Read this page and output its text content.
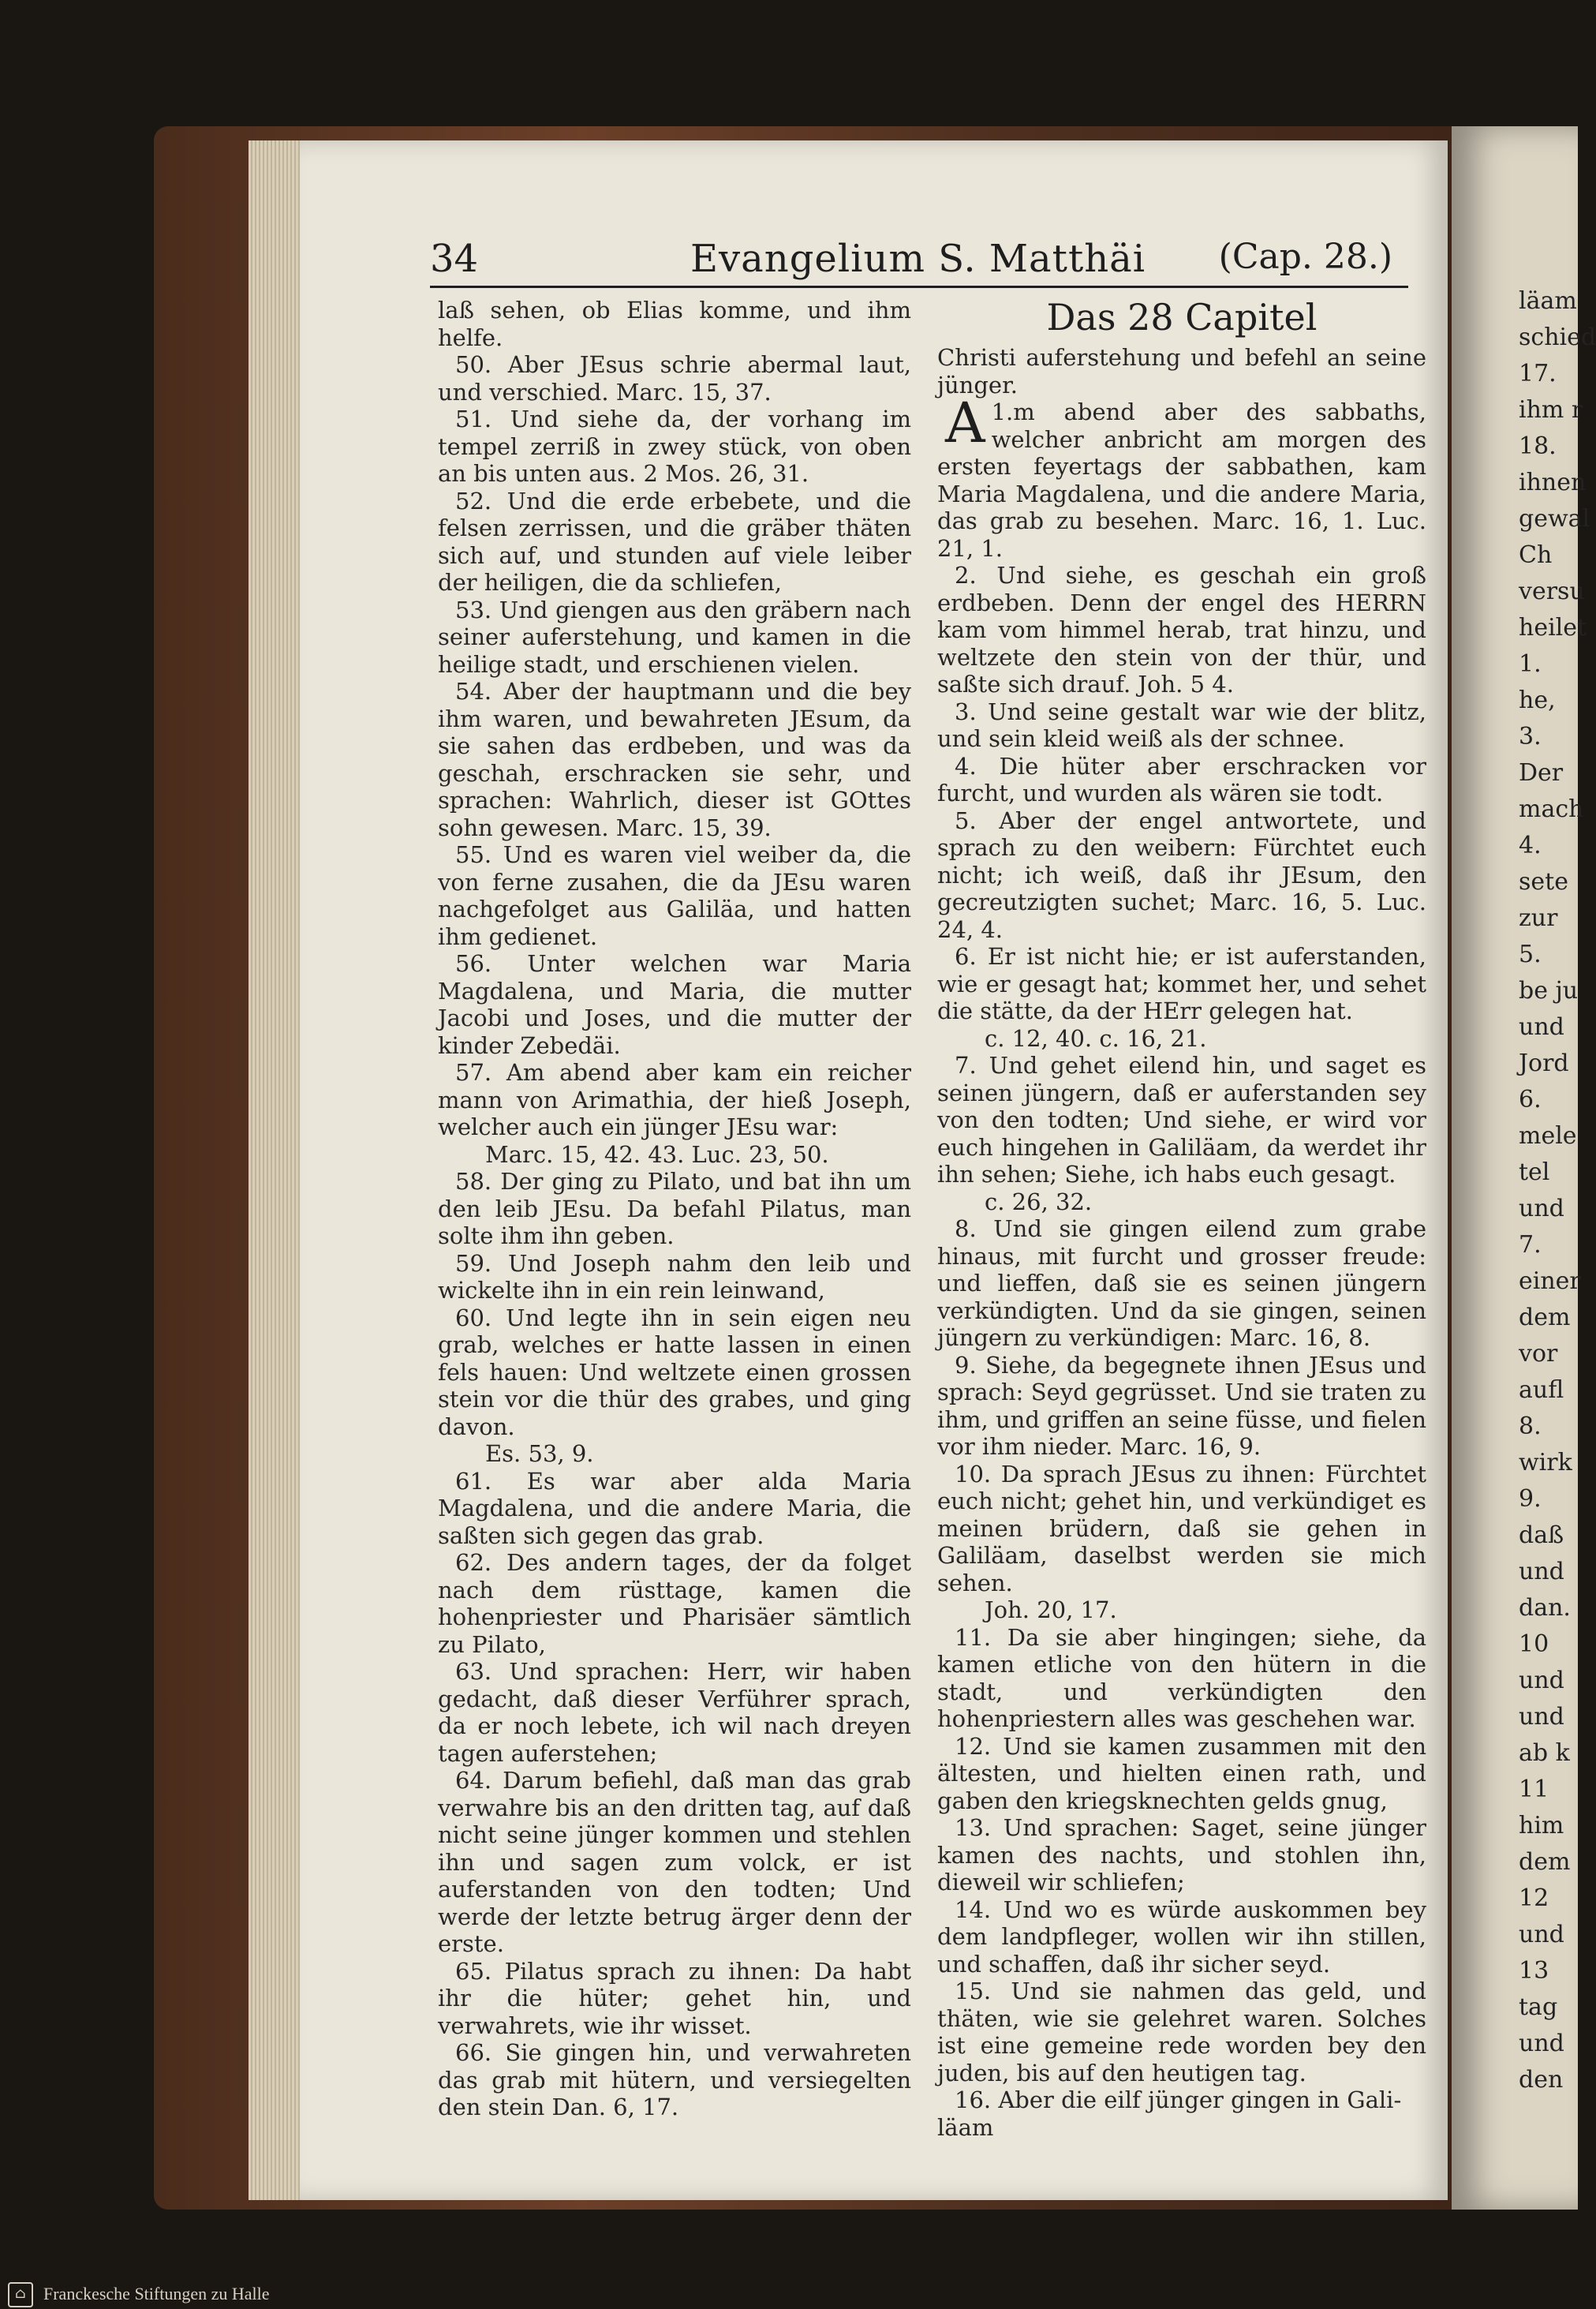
läam
schied
17.
ihm r
18.
ihnen
gewal
Ch
versu
heilet
1.
he,
3.
Der
mach
4.
sete
zur
5.
be ju
und
Jord
6.
mele
tel
und
7.
einer
dem
vor
aufl
8.
wirk
9.
daß
und
dan.
10
und
und
ab k
11
him
dem
12
und
13
tag
und
den
34	Evangelium S. Matthäi (Cap. 28.)

laß sehen, ob Elias komme, und ihm helfe.

50. Aber JEsus schrie abermal laut, und verschied. Marc. 15, 37.

51. Und siehe da, der vorhang im tempel zerriß in zwey stück, von oben an bis unten aus. 2 Mos. 26, 31.

52. Und die erde erbebete, und die felsen zerrissen, und die gräber thäten sich auf, und stunden auf viele leiber der heiligen, die da schliefen,

53. Und giengen aus den gräbern nach seiner auferstehung, und kamen in die heilige stadt, und erschienen vielen.

54. Aber der hauptmann und die bey ihm waren, und bewahreten JEsum, da sie sahen das erdbeben, und was da geschah, erschracken sie sehr, und sprachen: Wahrlich, dieser ist GOttes sohn gewesen. Marc. 15, 39.

55. Und es waren viel weiber da, die von ferne zusahen, die da JEsu waren nachgefolget aus Galiläa, und hatten ihm gedienet.

56. Unter welchen war Maria Magdalena, und Maria, die mutter Jacobi und Joses, und die mutter der kinder Zebedäi.

57. Am abend aber kam ein reicher mann von Arimathia, der hieß Joseph, welcher auch ein jünger JEsu war:

Marc. 15, 42. 43. Luc. 23, 50.

58. Der ging zu Pilato, und bat ihn um den leib JEsu. Da befahl Pilatus, man solte ihm ihn geben.

59. Und Joseph nahm den leib und wickelte ihn in ein rein leinwand,

60. Und legte ihn in sein eigen neu grab, welches er hatte lassen in einen fels hauen: Und weltzete einen grossen stein vor die thür des grabes, und ging davon.

Es. 53, 9.

61. Es war aber alda Maria Magdalena, und die andere Maria, die saßten sich gegen das grab.

62. Des andern tages, der da folget nach dem rüsttage, kamen die hohenpriester und Pharisäer sämtlich zu Pilato,

63. Und sprachen: Herr, wir haben gedacht, daß dieser Verführer sprach, da er noch lebete, ich wil nach dreyen tagen auferstehen;

64. Darum befiehl, daß man das grab verwahre bis an den dritten tag, auf daß nicht seine jünger kommen und stehlen ihn und sagen zum volck, er ist auferstanden von den todten; Und werde der letzte betrug ärger denn der erste.

65. Pilatus sprach zu ihnen: Da habt ihr die hüter; gehet hin, und verwahrets, wie ihr wisset.

66. Sie gingen hin, und verwahreten das grab mit hütern, und versiegelten den stein Dan. 6, 17.

Das 28 Capitel

Christi auferstehung und befehl an seine jünger.

1.
A m abend aber des sabbaths, welcher anbricht am morgen des ersten feyertags der sabbathen, kam Maria Magdalena, und die andere Maria, das grab zu besehen. Marc. 16, 1. Luc. 21, 1.

2. Und siehe, es geschah ein groß erdbeben. Denn der engel des HERRN kam vom himmel herab, trat hinzu, und weltzete den stein von der thür, und saßte sich drauf. Joh. 5 4.

3. Und seine gestalt war wie der blitz, und sein kleid weiß als der schnee.

4. Die hüter aber erschracken vor furcht, und wurden als wären sie todt.

5. Aber der engel antwortete, und sprach zu den weibern: Fürchtet euch nicht; ich weiß, daß ihr JEsum, den gecreutzigten suchet; Marc. 16, 5. Luc. 24, 4.

6. Er ist nicht hie; er ist auferstanden, wie er gesagt hat; kommet her, und sehet die stätte, da der HErr gelegen hat.

c. 12, 40. c. 16, 21.

7. Und gehet eilend hin, und saget es seinen jüngern, daß er auferstanden sey von den todten; Und siehe, er wird vor euch hingehen in Galiläam, da werdet ihr ihn sehen; Siehe, ich habs euch gesagt.

c. 26, 32.

8. Und sie gingen eilend zum grabe hinaus, mit furcht und grosser freude: und lieffen, daß sie es seinen jüngern verkündigten. Und da sie gingen, seinen jüngern zu verkündigen: Marc. 16, 8.

9. Siehe, da begegnete ihnen JEsus und sprach: Seyd gegrüsset. Und sie traten zu ihm, und griffen an seine füsse, und fielen vor ihm nieder. Marc. 16, 9.

10. Da sprach JEsus zu ihnen: Fürchtet euch nicht; gehet hin, und verkündiget es meinen brüdern, daß sie gehen in Galiläam, daselbst werden sie mich sehen.

Joh. 20, 17.

11. Da sie aber hingingen; siehe, da kamen etliche von den hütern in die stadt, und verkündigten den hohenpriestern alles was geschehen war.

12. Und sie kamen zusammen mit den ältesten, und hielten einen rath, und gaben den kriegsknechten gelds gnug,

13. Und sprachen: Saget, seine jünger kamen des nachts, und stohlen ihn, dieweil wir schliefen;

14. Und wo es würde auskommen bey dem landpfleger, wollen wir ihn stillen, und schaffen, daß ihr sicher seyd.

15. Und sie nahmen das geld, und thäten, wie sie gelehret waren. Solches ist eine gemeine rede worden bey den juden, bis auf den heutigen tag.

16. Aber die eilf jünger gingen in Gali-

läam

⌂	Franckesche Stiftungen zu Halle
